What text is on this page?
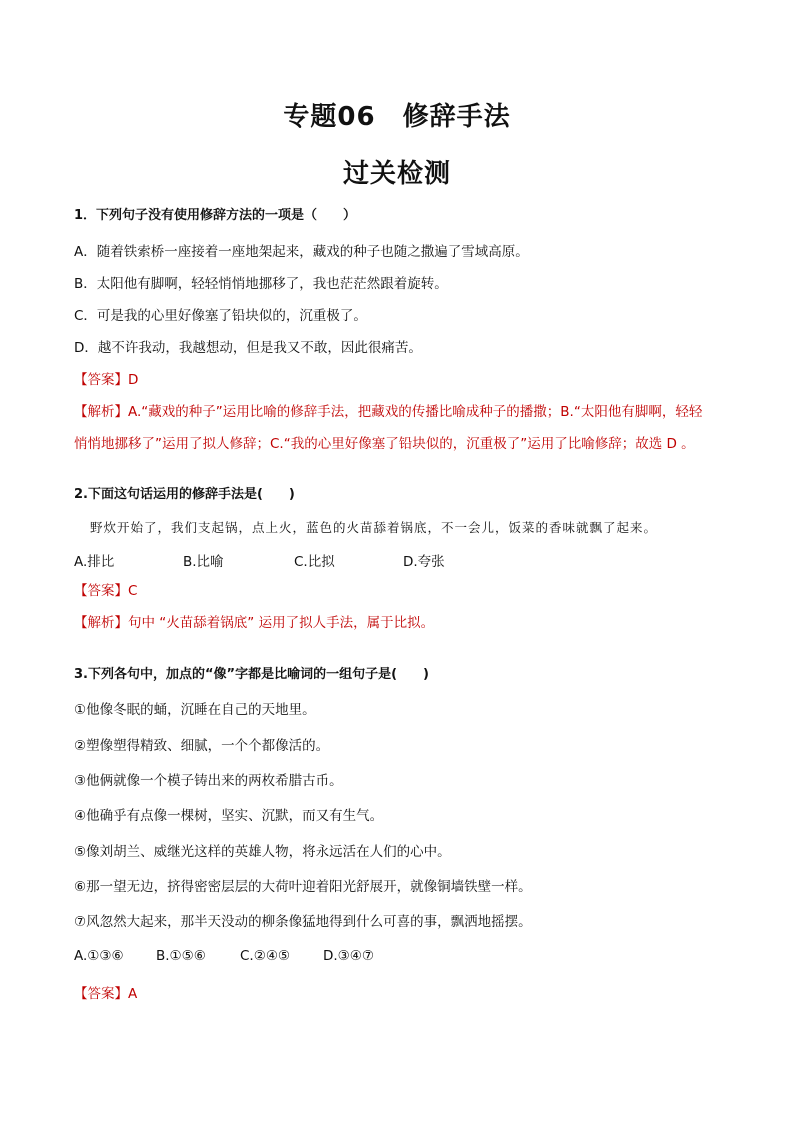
专题06　修辞手法
过关检测
1．下列句子没有使用修辞方法的一项是（　　）
A．随着铁索桥一座接着一座地架起来，藏戏的种子也随之撒遍了雪域高原。
B．太阳他有脚啊，轻轻悄悄地挪移了，我也茫茫然跟着旋转。
C．可是我的心里好像塞了铅块似的，沉重极了。
D．越不许我动，我越想动，但是我又不敢，因此很痛苦。
【答案】D
【解析】A.“藏戏的种子”运用比喻的修辞手法，把藏戏的传播比喻成种子的播撒；B.“太阳他有脚啊，轻轻
悄悄地挪移了”运用了拟人修辞；C.“我的心里好像塞了铅块似的，沉重极了”运用了比喻修辞；故选 D 。
2.下面这句话运用的修辞手法是(　　)
野炊开始了，我们支起锅，点上火，蓝色的火苗舔着锅底，不一会儿，饭菜的香味就飘了起来。
A.排比	B.比喻	C.比拟	D.夸张
【答案】C
【解析】句中 “火苗舔着锅底” 运用了拟人手法，属于比拟。
3.下列各句中，加点的“像”字都是比喻词的一组句子是(　　)
①他像冬眠的蛹，沉睡在自己的天地里。
②塑像塑得精致、细腻，一个个都像活的。
③他俩就像一个模子铸出来的两枚希腊古币。
④他确乎有点像一棵树，坚实、沉默，而又有生气。
⑤像刘胡兰、威继光这样的英雄人物，将永远活在人们的心中。
⑥那一望无边，挤得密密层层的大荷叶迎着阳光舒展开，就像铜墙铁壁一样。
⑦风忽然大起来，那半天没动的柳条像猛地得到什么可喜的事，飘洒地摇摆。
A.①③⑥ B.①⑤⑥	C.②④⑤ D.③④⑦
【答案】A
